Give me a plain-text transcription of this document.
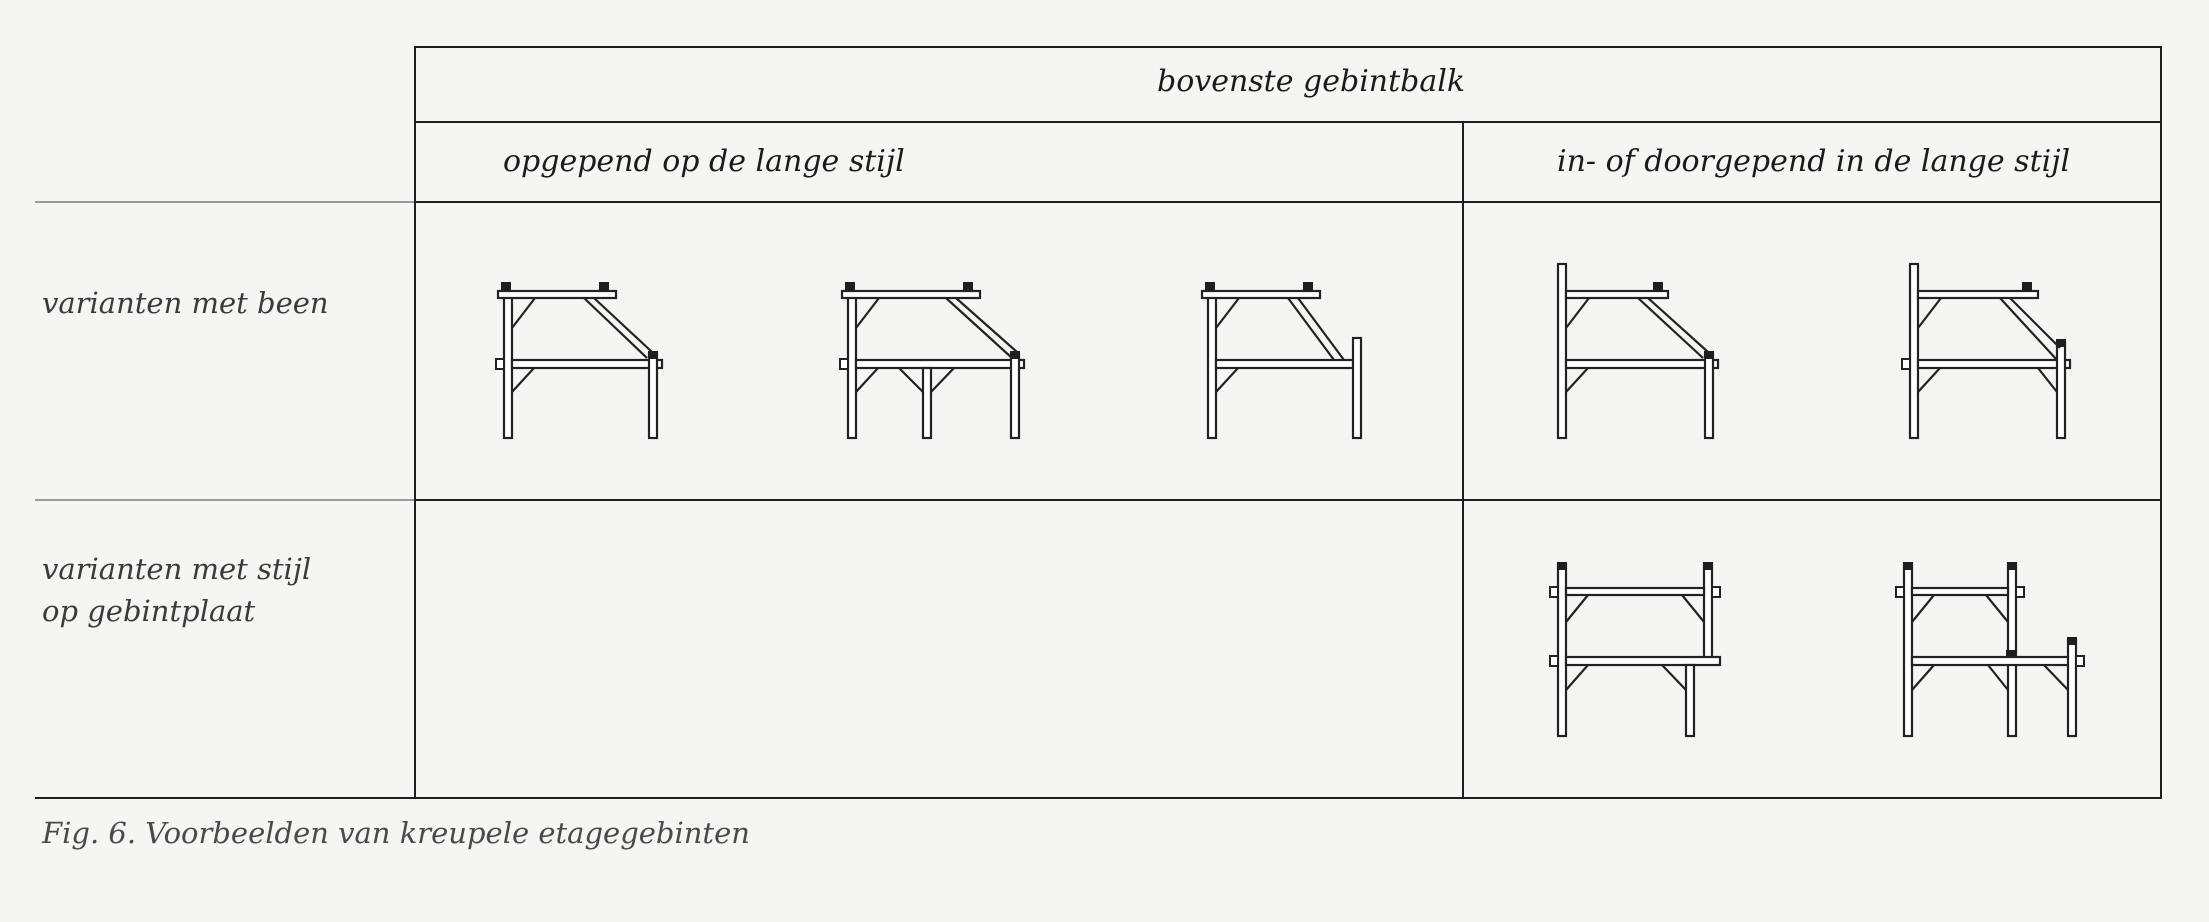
bovenste gebintbalk
opgepend op de lange stijl	in- of doorgepend in de lange stijl
varianten met been
varianten met stijl
op gebintplaat
Fig. 6. Voorbeelden van kreupele etagegebinten
